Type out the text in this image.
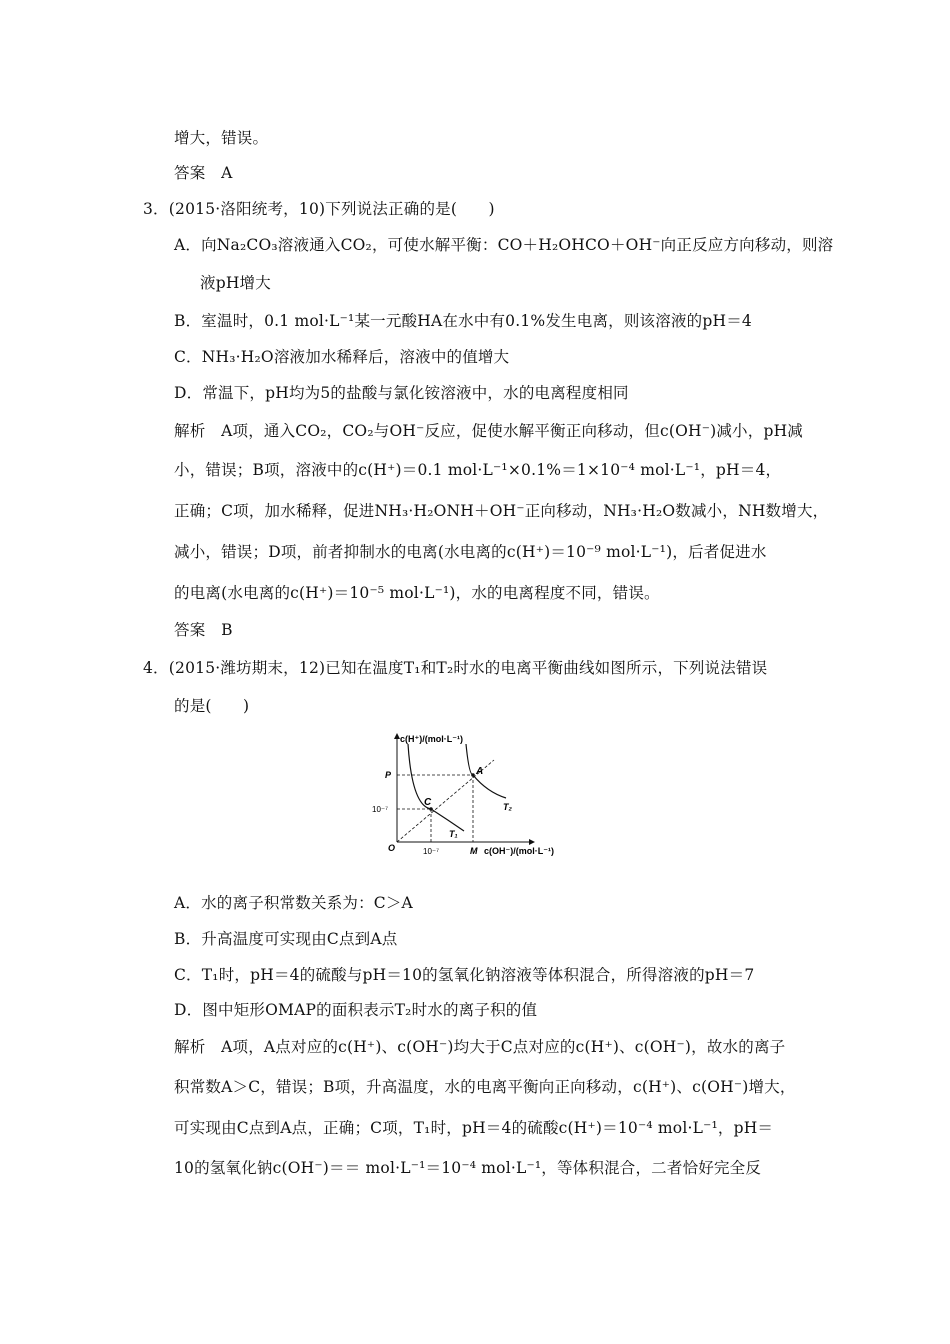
增大，错误。
答案　A
3．(2015·洛阳统考，10)下列说法正确的是(　　)
A．向Na₂CO₃溶液通入CO₂，可使水解平衡：CO＋H₂OHCO＋OH⁻向正反应方向移动，则溶
液pH增大
B．室温时，0.1 mol·L⁻¹某一元酸HA在水中有0.1%发生电离，则该溶液的pH＝4
C．NH₃·H₂O溶液加水稀释后，溶液中的值增大
D．常温下，pH均为5的盐酸与氯化铵溶液中，水的电离程度相同
解析　A项，通入CO₂，CO₂与OH⁻反应，促使水解平衡正向移动，但c(OH⁻)减小，pH减
小，错误；B项，溶液中的c(H⁺)＝0.1 mol·L⁻¹×0.1%＝1×10⁻⁴ mol·L⁻¹，pH＝4，
正确；C项，加水稀释，促进NH₃·H₂ONH＋OH⁻正向移动，NH₃·H₂O数减小，NH数增大，
减小，错误；D项，前者抑制水的电离(水电离的c(H⁺)＝10⁻⁹ mol·L⁻¹)，后者促进水
的电离(水电离的c(H⁺)＝10⁻⁵ mol·L⁻¹)，水的电离程度不同，错误。
答案　B
4．(2015·潍坊期末，12)已知在温度T₁和T₂时水的电离平衡曲线如图所示，下列说法错误
的是(　　)
c(H⁺)/(mol·L⁻¹)
c(OH⁻)/(mol·L⁻¹)
O
P
10⁻⁷
10⁻⁷	M
A
C
T₁
T₂
A．水的离子积常数关系为：C＞A
B．升高温度可实现由C点到A点
C．T₁时，pH＝4的硫酸与pH＝10的氢氧化钠溶液等体积混合，所得溶液的pH＝7
D．图中矩形OMAP的面积表示T₂时水的离子积的值
解析　A项，A点对应的c(H⁺)、c(OH⁻)均大于C点对应的c(H⁺)、c(OH⁻)，故水的离子
积常数A＞C，错误；B项，升高温度，水的电离平衡向正向移动，c(H⁺)、c(OH⁻)增大，
可实现由C点到A点，正确；C项，T₁时，pH＝4的硫酸c(H⁺)＝10⁻⁴ mol·L⁻¹，pH＝
10的氢氧化钠c(OH⁻)＝＝ mol·L⁻¹＝10⁻⁴ mol·L⁻¹，等体积混合，二者恰好完全反
